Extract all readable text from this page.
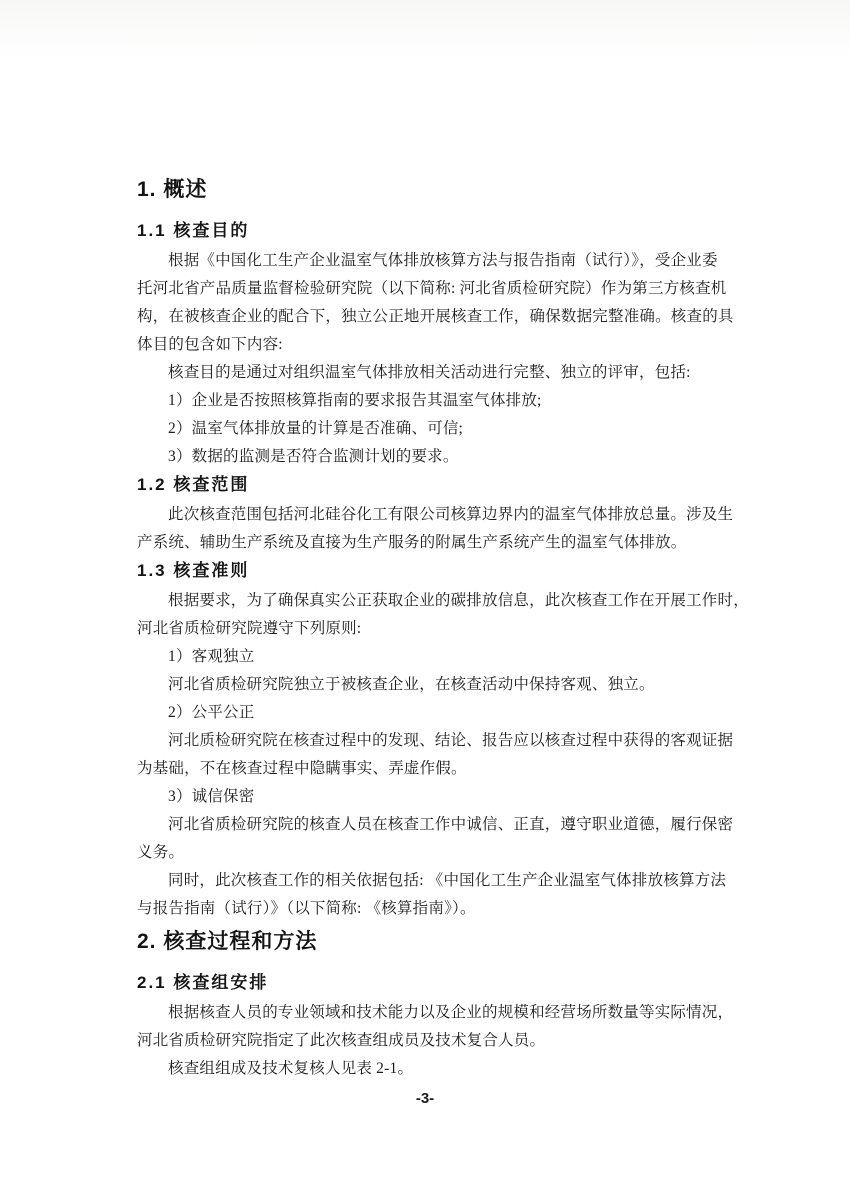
1. 概述
1.1 核查目的
根据《中国化工生产企业温室气体排放核算方法与报告指南（试行）》，受企业委
托河北省产品质量监督检验研究院（以下简称: 河北省质检研究院）作为第三方核查机
构，在被核查企业的配合下，独立公正地开展核查工作，确保数据完整准确。核查的具
体目的包含如下内容:
核查目的是通过对组织温室气体排放相关活动进行完整、独立的评审，包括:
1）企业是否按照核算指南的要求报告其温室气体排放;
2）温室气体排放量的计算是否准确、可信;
3）数据的监测是否符合监测计划的要求。
1.2 核查范围
此次核查范围包括河北硅谷化工有限公司核算边界内的温室气体排放总量。涉及生
产系统、辅助生产系统及直接为生产服务的附属生产系统产生的温室气体排放。
1.3 核查准则
根据要求，为了确保真实公正获取企业的碳排放信息，此次核查工作在开展工作时，
河北省质检研究院遵守下列原则:
1）客观独立
河北省质检研究院独立于被核查企业，在核查活动中保持客观、独立。
2）公平公正
河北质检研究院在核查过程中的发现、结论、报告应以核查过程中获得的客观证据
为基础，不在核查过程中隐瞒事实、弄虚作假。
3）诚信保密
河北省质检研究院的核查人员在核查工作中诚信、正直，遵守职业道德，履行保密
义务。
同时，此次核查工作的相关依据包括: 《中国化工生产企业温室气体排放核算方法
与报告指南（试行）》（以下简称: 《核算指南》）。
2. 核查过程和方法
2.1 核查组安排
根据核查人员的专业领域和技术能力以及企业的规模和经营场所数量等实际情况，
河北省质检研究院指定了此次核查组成员及技术复合人员。
核查组组成及技术复核人见表 2-1。
-3-
